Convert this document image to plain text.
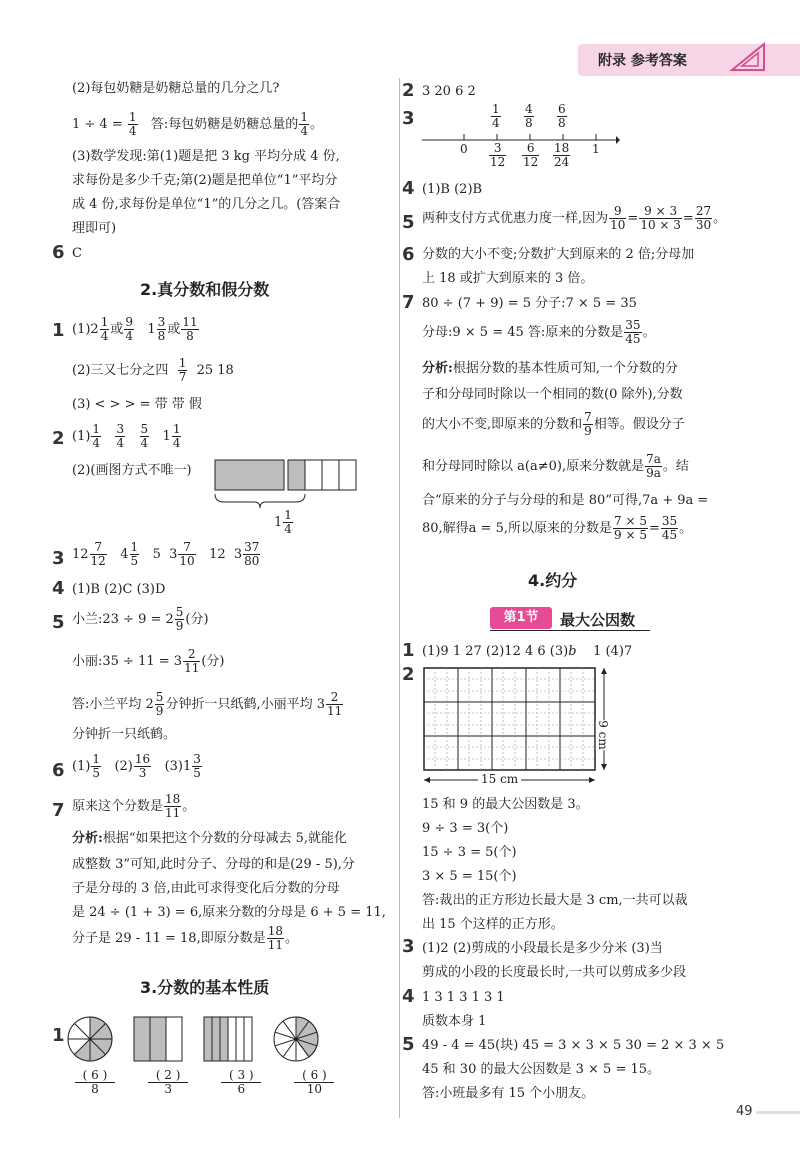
附录 参考答案
(2)每包奶糖是奶糖总量的几分之几?
$1 \div 4 = \frac{1}{4}$ 答:每包奶糖是奶糖总量的 $\frac{1}{4}$ 。
(3)数学发现:第(1)题是把 3 kg 平均分成 4 份,
求每份是多少千克;第(2)题是把单位“1”平均分
成 4 份,求每份是单位“1”的几分之几。(答案合
理即可)
6 C
2.真分数和假分数
1 $(1)2 \frac{1}{4}$ 或 $\frac{9}{4} 1 \frac{3}{8}$ 或 $\frac{11}{8}$
(2)三又七分之四 $\frac{1}{7} 25$ 18
(3) < > > = 带 带 假
2 $(1) \frac{1}{4}$
$\frac{3}{4}$
$\frac{5}{4} 1 \frac{1}{4}$
(2)(画图方式不唯一)
$1 \frac{1}{4}$
3 $12 \frac{7}{12} 4 \frac{1}{5} 5$ $3 \frac{7}{10} 12$ $3 \frac{37}{80}$
4 (1)B (2)C (3)D
5 小兰:23 ÷ $9 = 2 \frac{5}{9}$ (分)
小丽:35 ÷ $11 = 3 \frac{2}{11}$ (分)
答:小兰平均 $2 \frac{5}{9}$ 分钟折一只纸鹤,小丽平均 $3 \frac{2}{11}$
分钟折一只纸鹤。
6 $(1) \frac{1}{5} (2) \frac{16}{3} (3)1 \frac{3}{5}$
7 原来这个分数是 $\frac{18}{11}$ 。
分析:根据“如果把这个分数的分母减去 5,就能化
成整数 3”可知,此时分子、分母的和是(29 - 5),分
子是分母的 3 倍,由此可求得变化后分数的分母
是 24 ÷ (1 + 3) = 6,原来分数的分母是 6 + 5 = 11,
分子是 29 - 11 = 18,即原分数是 $\frac{18}{11}$ 。
3.分数的基本性质
1
$\frac{( 6 )}{8}$
	$\frac{( 2 )}{3}$
	$\frac{( 3 )}{6}$
	$\frac{( 6 )}{10}$
2 3 20 6 2
3	1
4
4
8
6
8
0	1
3
12
6
12
18
24
4 (1)B (2)B
5 两种支付方式优惠力度一样,因为 $\frac{9}{10} = \frac{9 \times 3}{10 \times 3} = \frac{27}{30}$ 。
6 分数的大小不变;分数扩大到原来的 2 倍;分母加
上 18 或扩大到原来的 3 倍。
7 80 ÷ (7 + 9) = 5 分子:7 × 5 = 35
分母:9 × 5 = 45 答:原来的分数是 $\frac{35}{45}$ 。
分析:根据分数的基本性质可知,一个分数的分
子和分母同时除以一个相同的数(0 除外),分数
的大小不变,即原来的分数和 $\frac{7}{9}$ 相等。假设分子
和分母同时除以 a(a≠0),原来分数就是 $\frac{7a}{9a}$ 。结
合“原来的分子与分母的和是 80”可得,7a + 9a =
80,解得a = 5,所以原来的分数是 $\frac{7 \times 5}{9 \times 5} = \frac{35}{45}$ 。
4.约分
第1节	最大公因数
1 (1)9 1 27 (2)12 4 6 (3)b 1 (4)7
2
15 cm
9 cm
15 和 9 的最大公因数是 3。
9 ÷ 3 = 3(个)
15 ÷ 3 = 5(个)
3 × 5 = 15(个)
答:裁出的正方形边长最大是 3 cm,一共可以裁
出 15 个这样的正方形。
3 (1)2 (2)剪成的小段最长是多少分米 (3)当
剪成的小段的长度最长时,一共可以剪成多少段
4 1 3 1 3 1 3 1
质数本身 1
5 49 - 4 = 45(块) 45 = 3 × 3 × 5 30 = 2 × 3 × 5
45 和 30 的最大公因数是 3 × 5 = 15。
答:小班最多有 15 个小朋友。
49
